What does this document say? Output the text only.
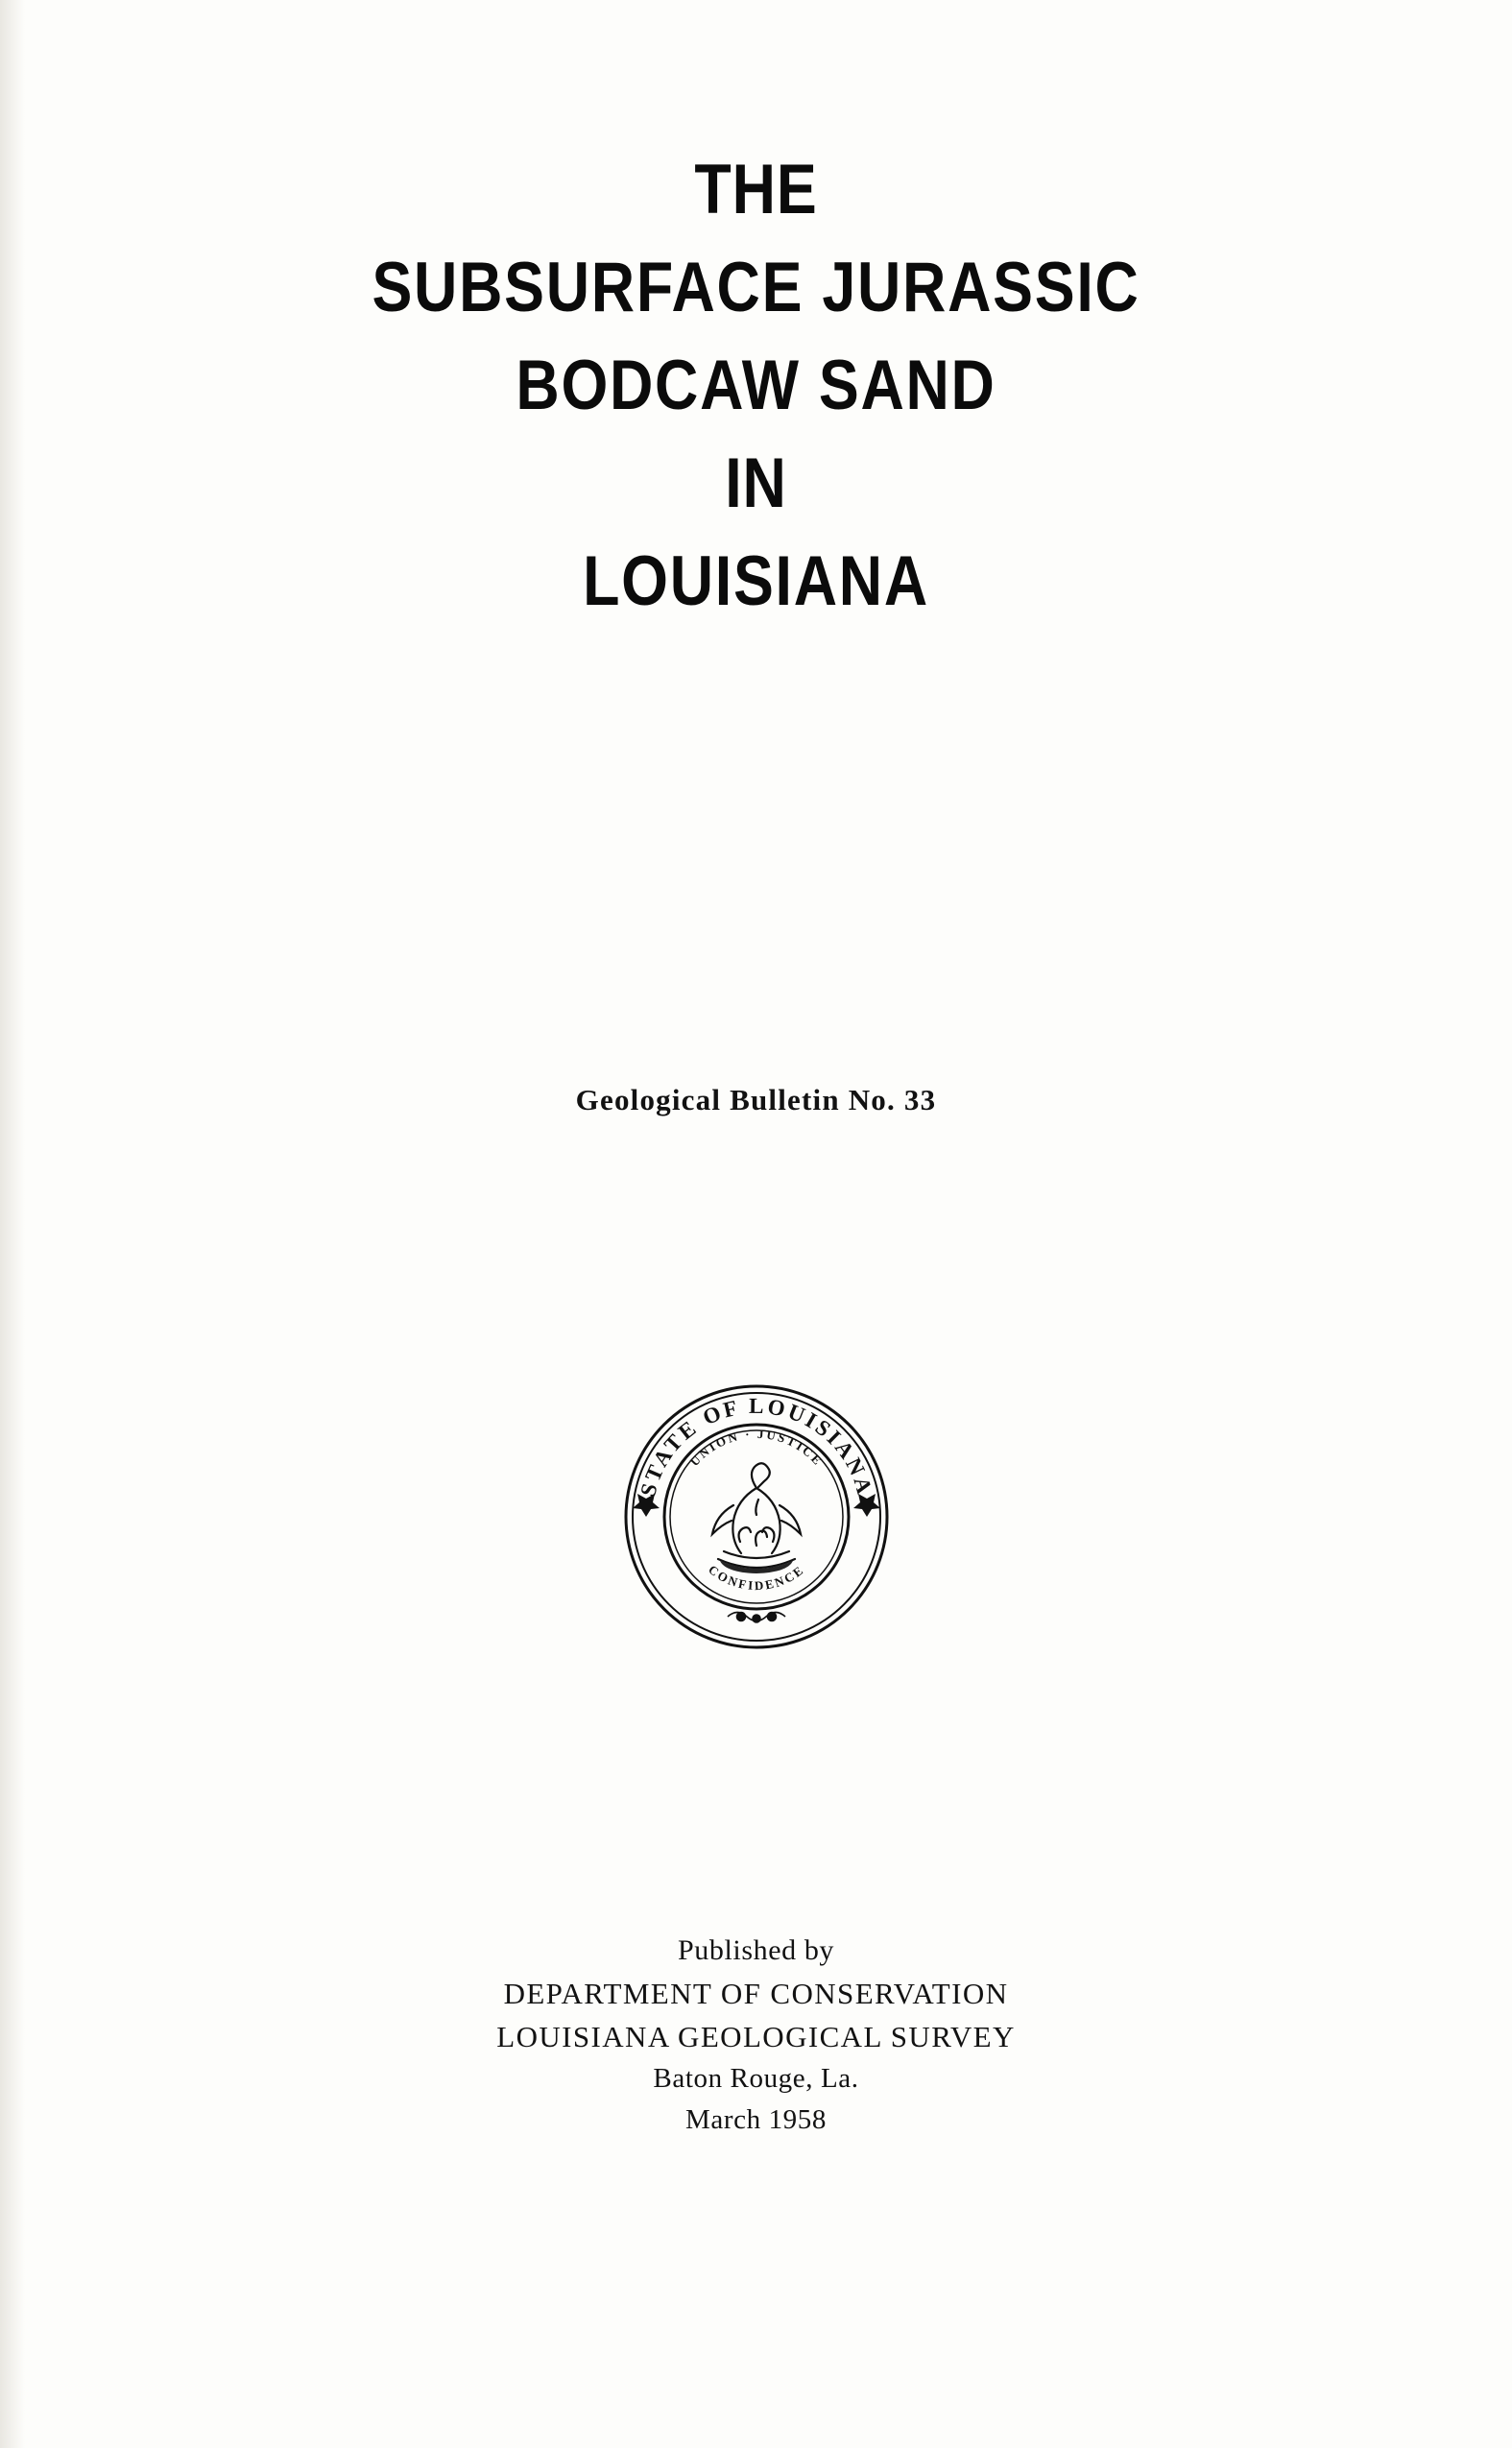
THE
SUBSURFACE JURASSIC
BODCAW SAND
IN
LOUISIANA
Geological Bulletin No. 33
STATE OF LOUISIANA
UNION · JUSTICE
CONFIDENCE
Published by
DEPARTMENT OF CONSERVATION
LOUISIANA GEOLOGICAL SURVEY
Baton Rouge, La.
March 1958
